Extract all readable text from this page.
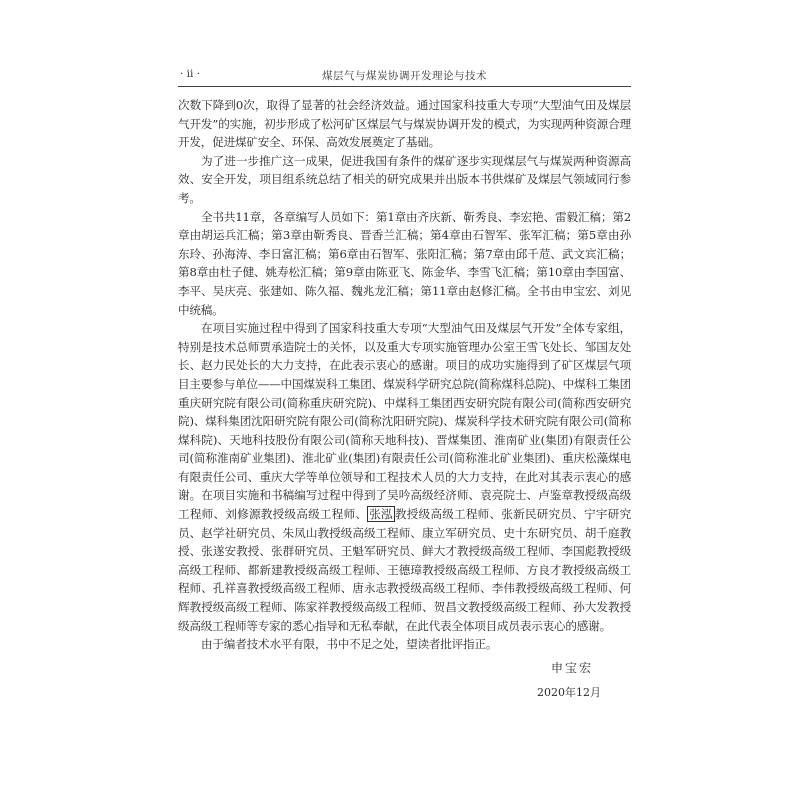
· ii ·	煤层气与煤炭协调开发理论与技术

次数下降到0次，取得了显著的社会经济效益。通过国家科技重大专项“大型油气田及煤层气开发”的实施，初步形成了松河矿区煤层气与煤炭协调开发的模式，为实现两种资源合理开发，促进煤矿安全、环保、高效发展奠定了基础。

为了进一步推广这一成果，促进我国有条件的煤矿逐步实现煤层气与煤炭两种资源高效、安全开发，项目组系统总结了相关的研究成果并出版本书供煤矿及煤层气领域同行参考。

全书共11章，各章编写人员如下：第1章由齐庆新、靳秀良、李宏艳、雷毅汇稿；第2章由胡运兵汇稿；第3章由靳秀良、晋香兰汇稿；第4章由石智军、张军汇稿；第5章由孙东玲、孙海涛、李日富汇稿；第6章由石智军、张阳汇稿；第7章由邱千苊、武文宾汇稿；第8章由杜子健、姚寿松汇稿；第9章由陈亚飞、陈金华、李雪飞汇稿；第10章由李国富、李平、吴庆亮、张建如、陈久福、魏兆龙汇稿；第11章由赵修汇稿。全书由申宝宏、刘见中统稿。

在项目实施过程中得到了国家科技重大专项“大型油气田及煤层气开发”全体专家组，特别是技术总师贾承造院士的关怀，以及重大专项实施管理办公室王雪飞处长、邹国友处长、赵力民处长的大力支持，在此表示衷心的感谢。项目的成功实施得到了矿区煤层气项目主要参与单位——中国煤炭科工集团、煤炭科学研究总院(简称煤科总院)、中煤科工集团重庆研究院有限公司(简称重庆研究院)、中煤科工集团西安研究院有限公司(简称西安研究院)、煤科集团沈阳研究院有限公司(简称沈阳研究院)、煤炭科学技术研究院有限公司(简称煤科院)、天地科技股份有限公司(简称天地科技)、晋煤集团、淮南矿业(集团)有限责任公司(简称淮南矿业集团)、淮北矿业(集团)有限责任公司(简称淮北矿业集团)、重庆松藻煤电有限责任公司、重庆大学等单位领导和工程技术人员的大力支持，在此对其表示衷心的感谢。在项目实施和书稿编写过程中得到了吴吟高级经济师、袁亮院士、卢鉴章教授级高级工程师、刘修源教授级高级工程师、 张泓 教授级高级工程师、张新民研究员、宁宇研究员、赵学社研究员、朱凤山教授级高级工程师、康立军研究员、史十东研究员、胡千庭教授、张遂安教授、张群研究员、王魁军研究员、鲜大才教授级高级工程师、李国彪教授级高级工程师、都新建教授级高级工程师、王德璋教授级高级工程师、方良才教授级高级工程师、孔祥喜教授级高级工程师、唐永志教授级高级工程师、李伟教授级高级工程师、何辉教授级高级工程师、陈家祥教授级高级工程师、贺昌文教授级高级工程师、孙大发教授级高级工程师等专家的悉心指导和无私奉献，在此代表全体项目成员表示衷心的感谢。

由于编者技术水平有限，书中不足之处，望读者批评指正。

申宝宏
2020年12月
